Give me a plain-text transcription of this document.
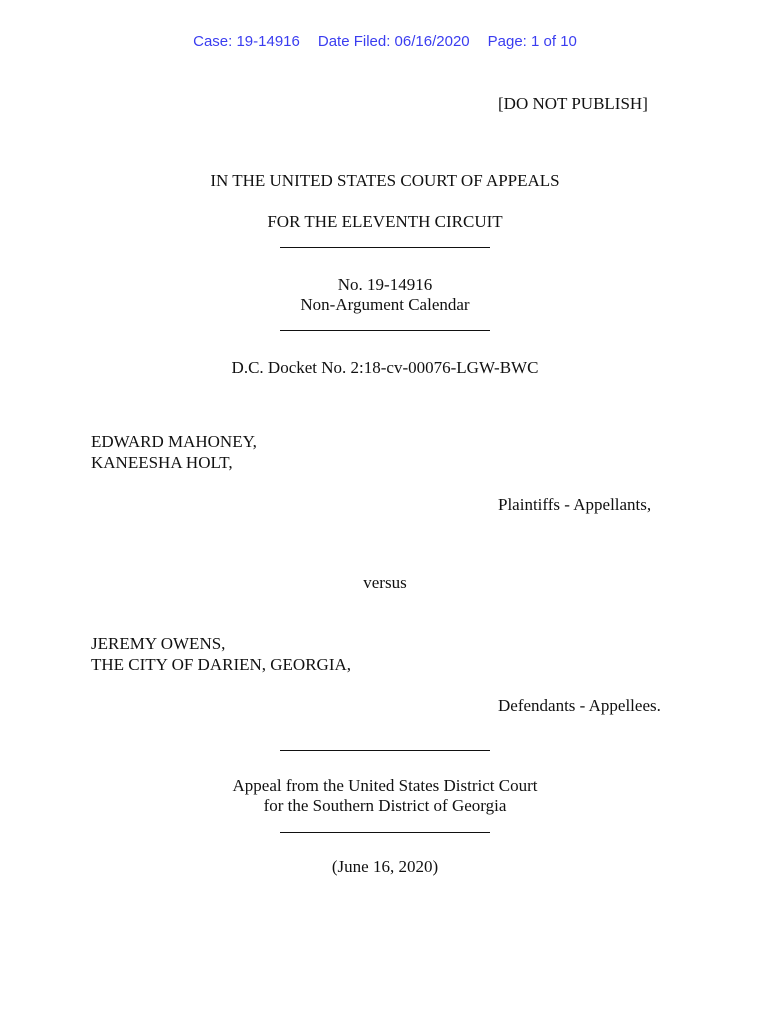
Case: 19-14916 Date Filed: 06/16/2020 Page: 1 of 10
[DO NOT PUBLISH]
IN THE UNITED STATES COURT OF APPEALS
FOR THE ELEVENTH CIRCUIT
No. 19-14916
Non-Argument Calendar
D.C. Docket No. 2:18-cv-00076-LGW-BWC
EDWARD MAHONEY,
KANEESHA HOLT,
Plaintiffs - Appellants,
versus
JEREMY OWENS,
THE CITY OF DARIEN, GEORGIA,
Defendants - Appellees.
Appeal from the United States District Court
for the Southern District of Georgia
(June 16, 2020)
